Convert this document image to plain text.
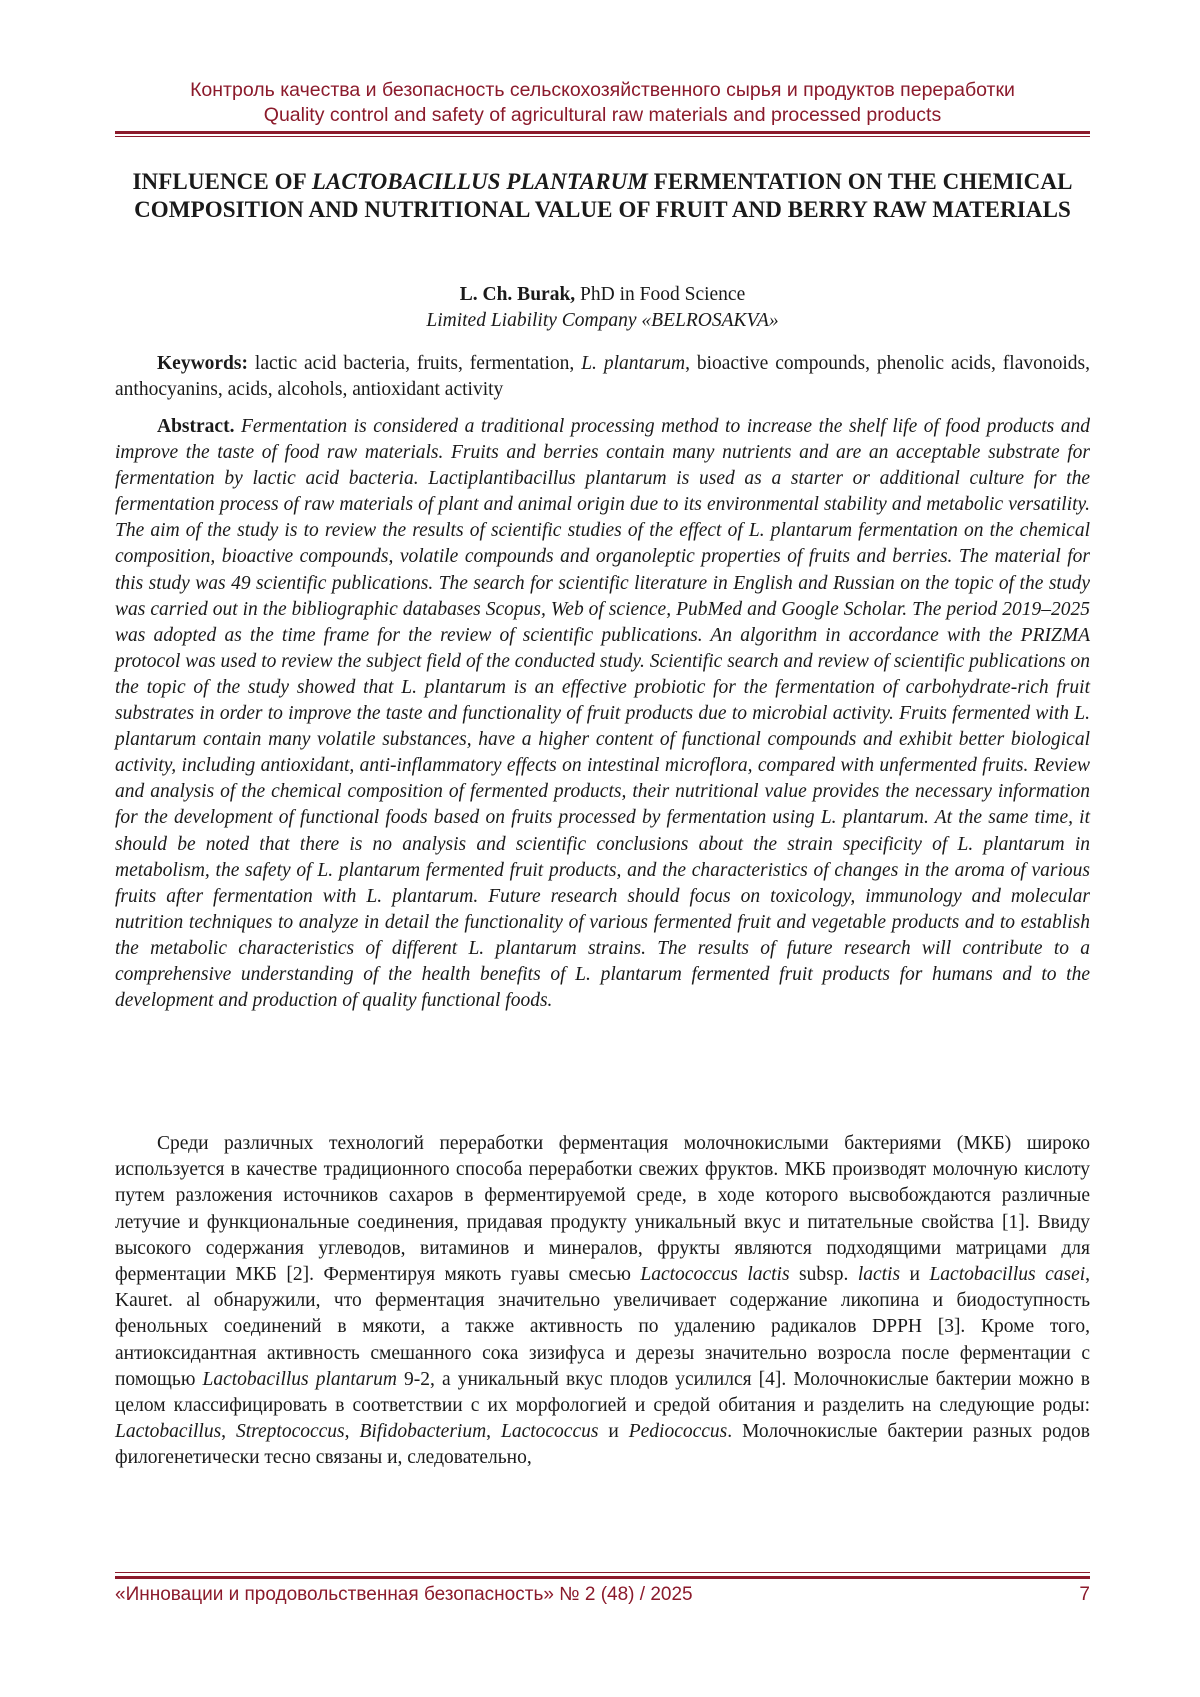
Контроль качества и безопасность сельскохозяйственного сырья и продуктов переработки
Quality control and safety of agricultural raw materials and processed products
INFLUENCE OF LACTOBACILLUS PLANTARUM FERMENTATION ON THE CHEMICAL COMPOSITION AND NUTRITIONAL VALUE OF FRUIT AND BERRY RAW MATERIALS
L. Ch. Burak, PhD in Food Science
Limited Liability Company «BELROSAKVA»

Keywords: lactic acid bacteria, fruits, fermentation, L. plantarum, bioactive compounds, phenolic acids, flavonoids, anthocyanins, acids, alcohols, antioxidant activity

Abstract. Fermentation is considered a traditional processing method to increase the shelf life of food products and improve the taste of food raw materials. Fruits and berries contain many nutrients and are an acceptable substrate for fermentation by lactic acid bacteria. Lactiplantibacillus plantarum is used as a starter or additional culture for the fermentation process of raw materials of plant and animal origin due to its environmental stability and metabolic versatility. The aim of the study is to review the results of scientific studies of the effect of L. plantarum fermentation on the chemical composition, bioactive compounds, volatile compounds and organoleptic properties of fruits and berries. The material for this study was 49 scientific publications. The search for scientific literature in English and Russian on the topic of the study was carried out in the bibliographic databases Scopus, Web of science, PubMed and Google Scholar. The period 2019–2025 was adopted as the time frame for the review of scientific publications. An algorithm in accordance with the PRIZMA protocol was used to review the subject field of the conducted study. Scientific search and review of scientific publications on the topic of the study showed that L. plantarum is an effective probiotic for the fermentation of carbohydrate-rich fruit substrates in order to improve the taste and functionality of fruit products due to microbial activity. Fruits fermented with L. plantarum contain many volatile substances, have a higher content of functional compounds and exhibit better biological activity, including antioxidant, anti-inflammatory effects on intestinal microflora, compared with unfermented fruits. Review and analysis of the chemical composition of fermented products, their nutritional value provides the necessary information for the development of functional foods based on fruits processed by fermentation using L. plantarum. At the same time, it should be noted that there is no analysis and scientific conclusions about the strain specificity of L. plantarum in metabolism, the safety of L. plantarum fermented fruit products, and the characteristics of changes in the aroma of various fruits after fermentation with L. plantarum. Future research should focus on toxicology, immunology and molecular nutrition techniques to analyze in detail the functionality of various fermented fruit and vegetable products and to establish the metabolic characteristics of different L. plantarum strains. The results of future research will contribute to a comprehensive understanding of the health benefits of L. plantarum fermented fruit products for humans and to the development and production of quality functional foods.

Среди различных технологий переработки ферментация молочнокислыми бактериями (МКБ) широко используется в качестве традиционного способа переработки свежих фруктов. МКБ производят молочную кислоту путем разложения источников сахаров в ферментируемой среде, в ходе которого высвобождаются различные летучие и функциональные соединения, придавая продукту уникальный вкус и питательные свойства [1]. Ввиду высокого содержания углеводов, витаминов и минералов, фрукты являются подходящими матрицами для ферментации МКБ [2]. Ферментируя мякоть гуавы смесью Lactococcus lactis subsp. lactis и Lactobacillus casei, Kauret. al обнаружили, что ферментация значительно увеличивает содержание ликопина и биодоступность фенольных соединений в мякоти, а также активность по удалению радикалов DPPH [3]. Кроме того, антиоксидантная активность смешанного сока зизифуса и дерезы значительно возросла после ферментации с помощью Lactobacillus plantarum 9-2, а уникальный вкус плодов усилился [4]. Молочнокислые бактерии можно в целом классифицировать в соответствии с их морфологией и средой обитания и разделить на следующие роды: Lactobacillus, Streptococcus, Bifidobacterium, Lactococcus и Pediococcus. Молочнокислые бактерии разных родов филогенетически тесно связаны и, следовательно,

«Инновации и продовольственная безопасность» № 2 (48) / 2025	7
